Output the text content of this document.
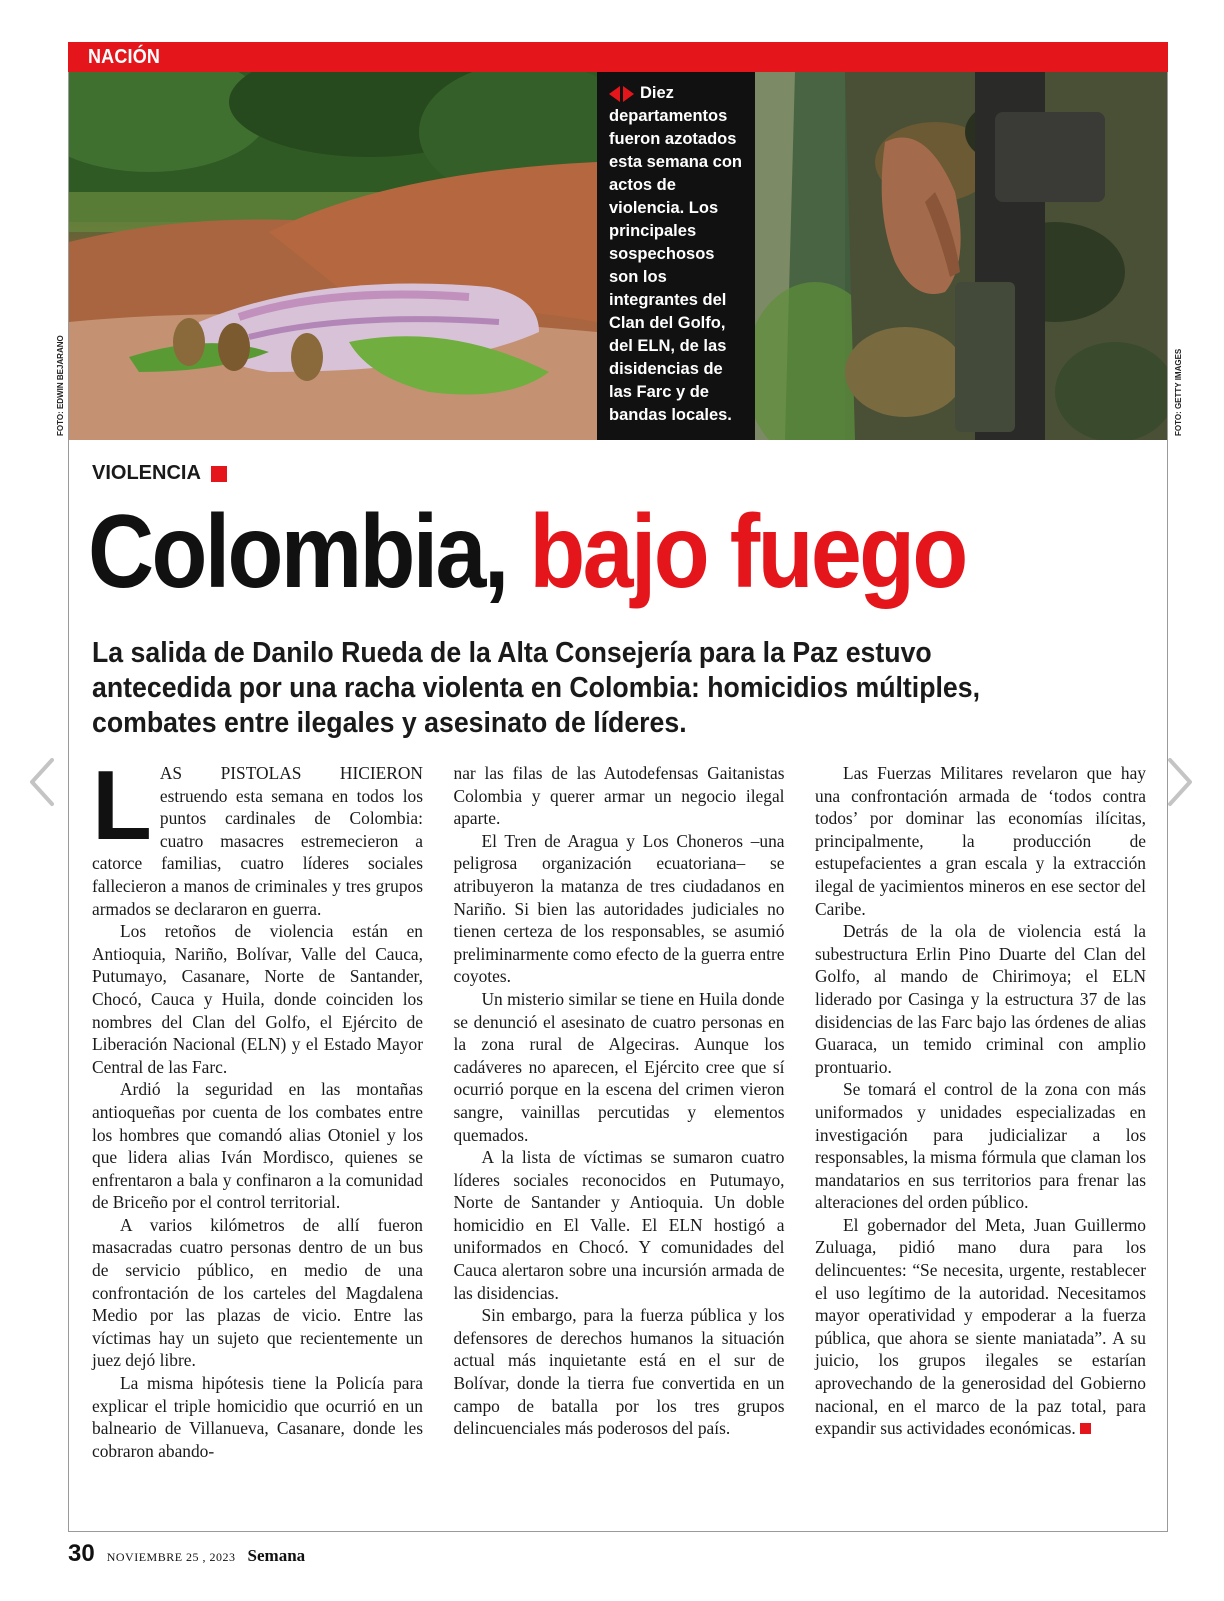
NACIÓN
Diez departamentos fueron azotados esta semana con actos de violencia. Los principales sospechosos son los integrantes del Clan del Golfo, del ELN, de las disidencias de las Farc y de bandas locales.
FOTO: EDWIN BEJARANO	FOTO: GETTY IMAGES
VIOLENCIA
Colombia, bajo fuego
La salida de Danilo Rueda de la Alta Consejería para la Paz estuvo antecedida por una racha violenta en Colombia: homicidios múltiples, combates entre ilegales y asesinato de líderes.
L AS PISTOLAS HICIERON estruendo esta semana en todos los puntos cardinales de Colombia: cuatro masacres estremecieron a catorce familias, cuatro líderes sociales fallecieron a manos de criminales y tres grupos armados se declararon en guerra.

Los retoños de violencia están en Antioquia, Nariño, Bolívar, Valle del Cauca, Putumayo, Casanare, Norte de Santander, Chocó, Cauca y Huila, donde coinciden los nombres del Clan del Golfo, el Ejército de Liberación Nacional (ELN) y el Estado Mayor Central de las Farc.

Ardió la seguridad en las montañas antioqueñas por cuenta de los combates entre los hombres que comandó alias Otoniel y los que lidera alias Iván Mordisco, quienes se enfrentaron a bala y confinaron a la comunidad de Briceño por el control territorial.

A varios kilómetros de allí fueron masacradas cuatro personas dentro de un bus de servicio público, en medio de una confrontación de los carteles del Magdalena Medio por las plazas de vicio. Entre las víctimas hay un sujeto que recientemente un juez dejó libre.

La misma hipótesis tiene la Policía para explicar el triple homicidio que ocurrió en un balneario de Villanueva, Casanare, donde les cobraron abando-

nar las filas de las Autodefensas Gaitanistas Colombia y querer armar un negocio ilegal aparte.

El Tren de Aragua y Los Choneros –una peligrosa organización ecuatoriana– se atribuyeron la matanza de tres ciudadanos en Nariño. Si bien las autoridades judiciales no tienen certeza de los responsables, se asumió preliminarmente como efecto de la guerra entre coyotes.

Un misterio similar se tiene en Huila donde se denunció el asesinato de cuatro personas en la zona rural de Algeciras. Aunque los cadáveres no aparecen, el Ejército cree que sí ocurrió porque en la escena del crimen vieron sangre, vainillas percutidas y elementos quemados.

A la lista de víctimas se sumaron cuatro líderes sociales reconocidos en Putumayo, Norte de Santander y Antioquia. Un doble homicidio en El Valle. El ELN hostigó a uniformados en Chocó. Y comunidades del Cauca alertaron sobre una incursión armada de las disidencias.

Sin embargo, para la fuerza pública y los defensores de derechos humanos la situación actual más inquietante está en el sur de Bolívar, donde la tierra fue convertida en un campo de batalla por los tres grupos delincuenciales más poderosos del país.

Las Fuerzas Militares revelaron que hay una confrontación armada de ‘todos contra todos’ por dominar las economías ilícitas, principalmente, la producción de estupefacientes a gran escala y la extracción ilegal de yacimientos mineros en ese sector del Caribe.

Detrás de la ola de violencia está la subestructura Erlin Pino Duarte del Clan del Golfo, al mando de Chirimoya; el ELN liderado por Casinga y la estructura 37 de las disidencias de las Farc bajo las órdenes de alias Guaraca, un temido criminal con amplio prontuario.

Se tomará el control de la zona con más uniformados y unidades especializadas en investigación para judicializar a los responsables, la misma fórmula que claman los mandatarios en sus territorios para frenar las alteraciones del orden público.

El gobernador del Meta, Juan Guillermo Zuluaga, pidió mano dura para los delincuentes: “Se necesita, urgente, restablecer el uso legítimo de la autoridad. Necesitamos mayor operatividad y empoderar a la fuerza pública, que ahora se siente maniatada”. A su juicio, los grupos ilegales se estarían aprovechando de la generosidad del Gobierno nacional, en el marco de la paz total, para expandir sus actividades económicas.

30 NOVIEMBRE 25 , 2023 Semana
